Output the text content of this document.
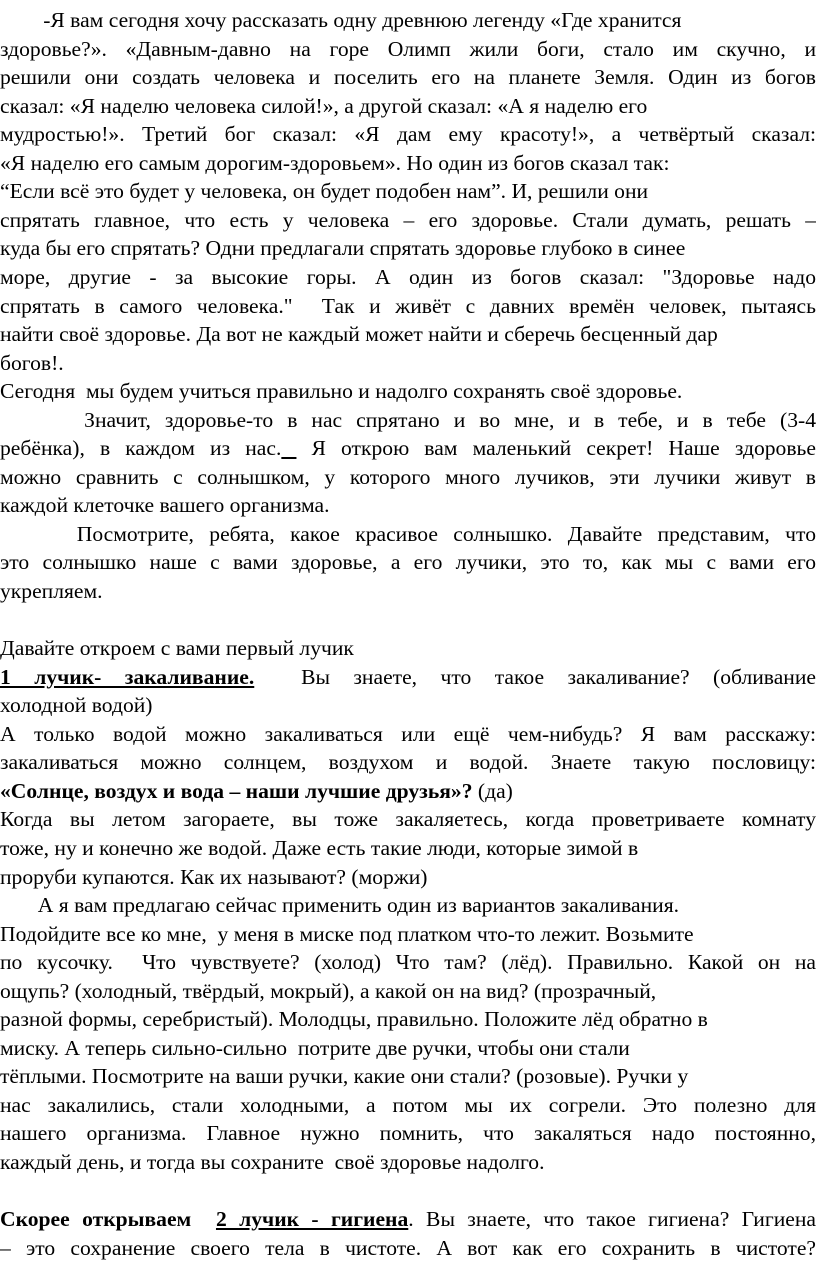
-Я вам сегодня хочу рассказать одну древнюю легенду «Где хранится
здоровье?». «Давным-давно на горе Олимп жили боги, стало им скучно, и
решили они создать человека и поселить его на планете Земля. Один из богов
сказал: «Я наделю человека силой!», а другой сказал: «А я наделю его
мудростью!». Третий бог сказал: «Я дам ему красоту!», а четвёртый сказал:
«Я наделю его самым дорогим-здоровьем». Но один из богов сказал так:
“Если всё это будет у человека, он будет подобен нам”. И, решили они
спрятать главное, что есть у человека – его здоровье. Стали думать, решать –
куда бы его спрятать? Одни предлагали спрятать здоровье глубоко в синее
море, другие - за высокие горы. А один из богов сказал: "Здоровье надо
спрятать в самого человека."  Так и живёт с давних времён человек, пытаясь
найти своё здоровье. Да вот не каждый может найти и сберечь бесценный дар
богов!.
Сегодня  мы будем учиться правильно и надолго сохранять своё здоровье.
Значит, здоровье-то в нас спрятано и во мне, и в тебе, и в тебе (3-4
ребёнка), в каждом из нас.  Я открою вам маленький секрет! Наше здоровье
можно сравнить с солнышком, у которого много лучиков, эти лучики живут в
каждой клеточке вашего организма.
Посмотрите, ребята, какое красивое солнышко. Давайте представим, что
это солнышко наше с вами здоровье, а его лучики, это то, как мы с вами его
укрепляем.
Давайте откроем с вами первый лучик
1 лучик- закаливание.  Вы знаете, что такое закаливание? (обливание
холодной водой)
А только водой можно закаливаться или ещё чем-нибудь? Я вам расскажу:
закаливаться можно солнцем, воздухом и водой. Знаете такую пословицу:
«Солнце, воздух и вода – наши лучшие друзья»? (да)
Когда вы летом загораете, вы тоже закаляетесь, когда проветриваете комнату
тоже, ну и конечно же водой. Даже есть такие люди, которые зимой в
проруби купаются. Как их называют? (моржи)
А я вам предлагаю сейчас применить один из вариантов закаливания.
Подойдите все ко мне,  у меня в миске под платком что-то лежит. Возьмите
по кусочку.  Что чувствуете? (холод) Что там? (лёд). Правильно. Какой он на
ощупь? (холодный, твёрдый, мокрый), а какой он на вид? (прозрачный,
разной формы, серебристый). Молодцы, правильно. Положите лёд обратно в
миску. А теперь сильно-сильно  потрите две ручки, чтобы они стали
тёплыми. Посмотрите на ваши ручки, какие они стали? (розовые). Ручки у
нас закалились, стали холодными, а потом мы их согрели. Это полезно для
нашего организма. Главное нужно помнить, что закаляться надо постоянно,
каждый день, и тогда вы сохраните  своё здоровье надолго.
Скорее открываем  2 лучик - гигиена. Вы знаете, что такое гигиена? Гигиена
– это сохранение своего тела в чистоте. А вот как его сохранить в чистоте?
